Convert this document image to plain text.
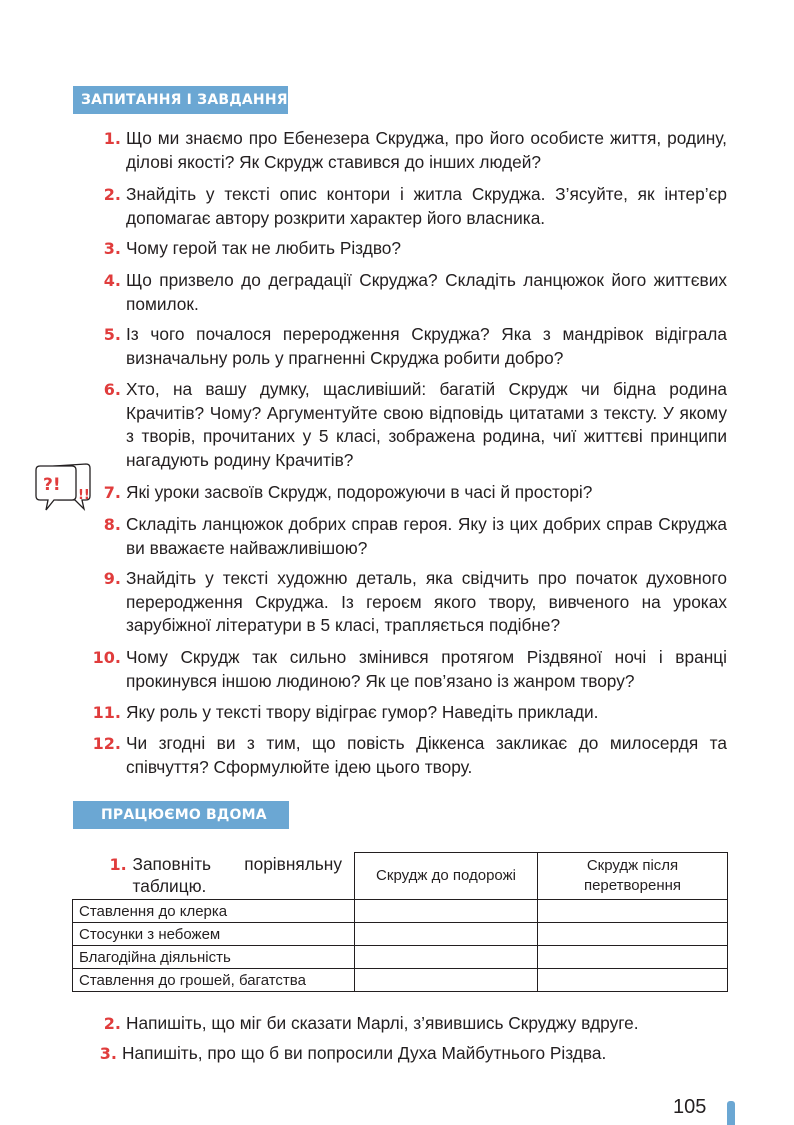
ЗАПИТАННЯ І ЗАВДАННЯ
1. Що ми знаємо про Ебенезера Скруджа, про його особисте життя, родину, ділові якості? Як Скрудж ставився до інших людей?
2. Знайдіть у тексті опис контори і житла Скруджа. З’ясуйте, як інтер’єр допомагає автору розкрити характер його власника.
3. Чому герой так не любить Різдво?
4. Що призвело до деградації Скруджа? Складіть ланцюжок його життєвих помилок.
5. Із чого почалося переродження Скруджа? Яка з мандрівок відіграла визначальну роль у прагненні Скруджа робити добро?
6. Хто, на вашу думку, щасливіший: багатій Скрудж чи бідна родина Крачитів? Чому? Аргументуйте свою відповідь цитатами з тексту. У якому з творів, прочитаних у 5 класі, зображена родина, чиї життєві принципи нагадують родину Крачитів?
7. Які уроки засвоїв Скрудж, подорожуючи в часі й просторі?
8. Складіть ланцюжок добрих справ героя. Яку із цих добрих справ Скруджа ви вважаєте найважливішою?
9. Знайдіть у тексті художню деталь, яка свідчить про початок духовного переродження Скруджа. Із героєм якого твору, вивченого на уроках зарубіжної літератури в 5 класі, трапляється подібне?
10. Чому Скрудж так сильно змінився протягом Різдвяної ночі і вранці прокинувся іншою людиною? Як це пов’язано із жанром твору?
11. Яку роль у тексті твору відіграє гумор? Наведіть приклади.
12. Чи згодні ви з тим, що повість Діккенса закликає до милосердя та співчуття? Сформулюйте ідею цього твору.
?!
!!
ПРАЦЮЄМО ВДОМА
1. Заповніть порівняльну таблицю.	Скрудж до подорожі	Скрудж після перетворення
Ставлення до клерка		
Стосунки з небожем		
Благодійна діяльність		
Ставлення до грошей, багатства		
2. Напишіть, що міг би сказати Марлі, з’явившись Скруджу вдруге.
3. Напишіть, про що б ви попросили Духа Майбутнього Різдва.
105
